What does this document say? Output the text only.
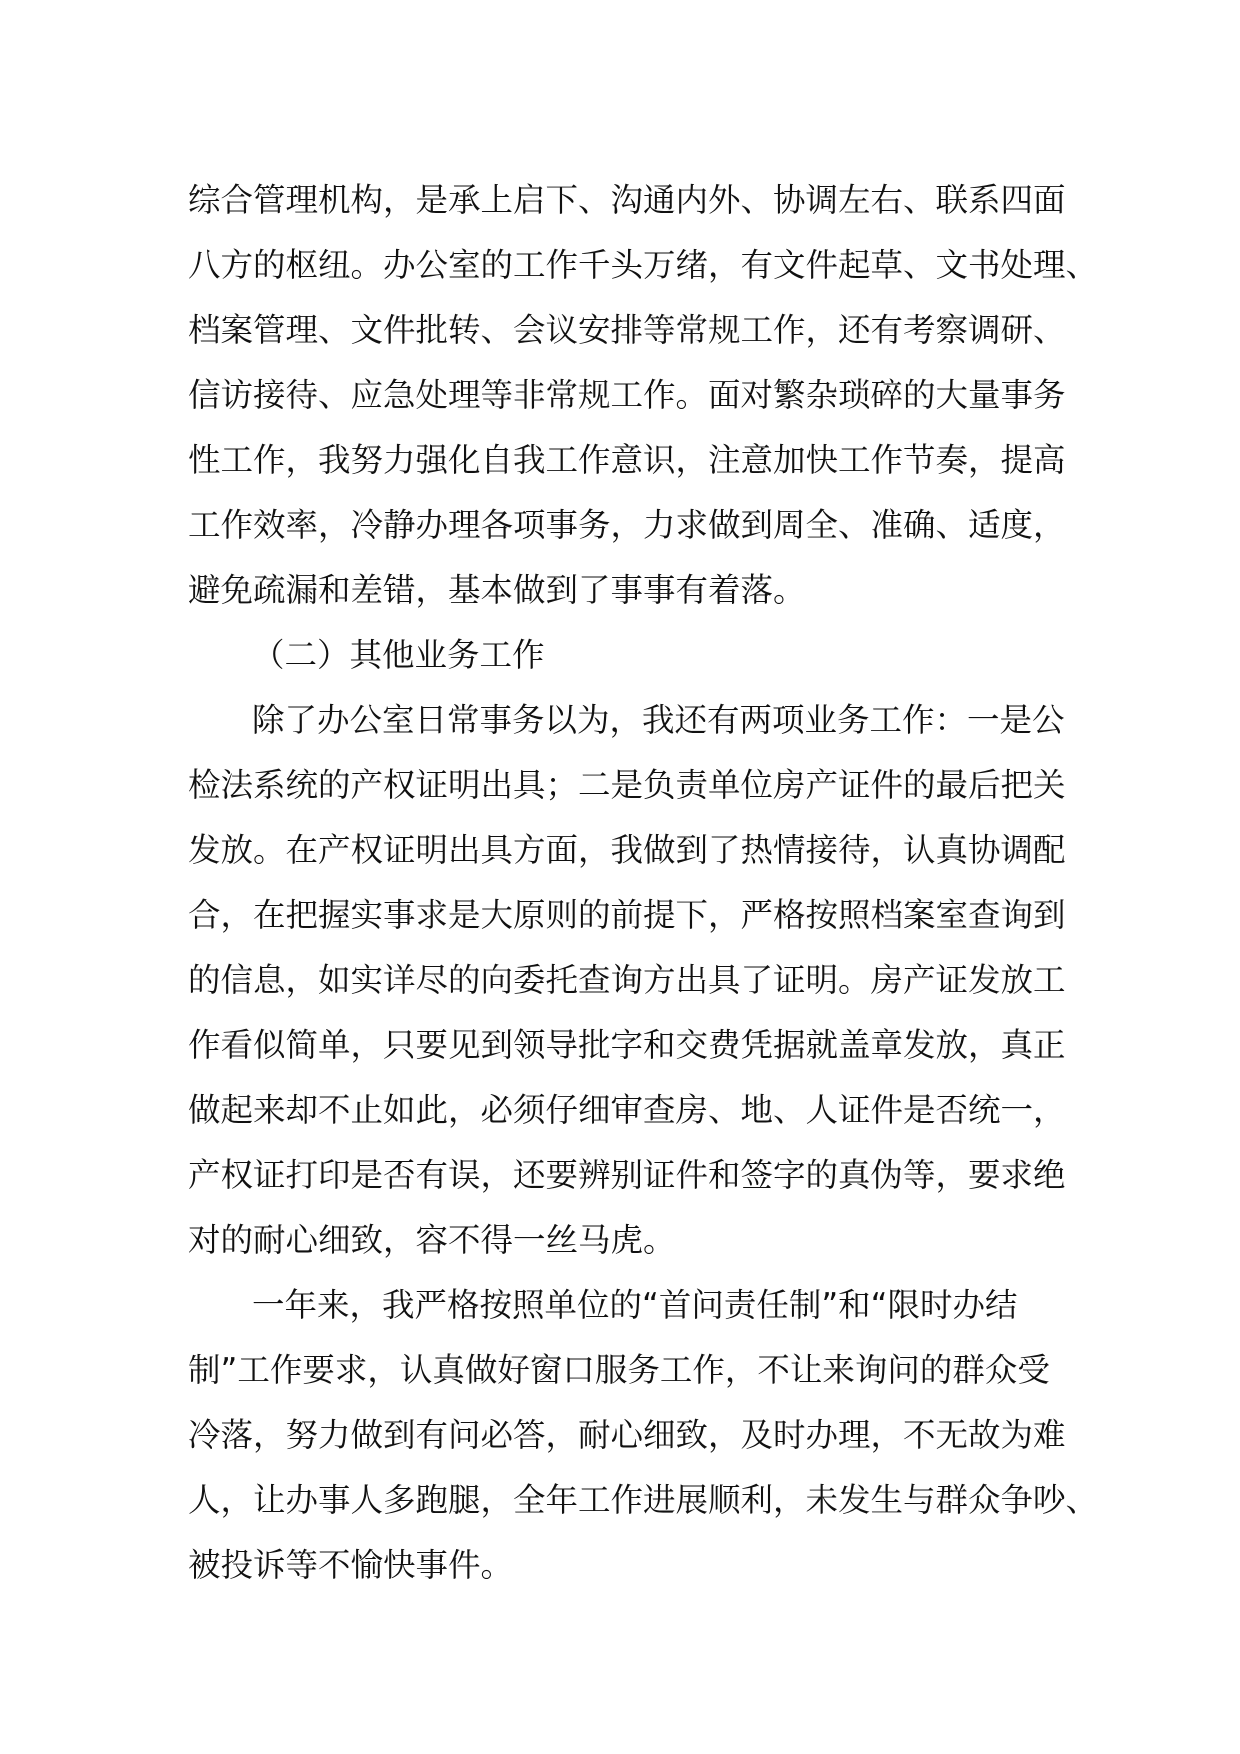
综合管理机构，是承上启下、沟通内外、协调左右、联系四面
八方的枢纽。办公室的工作千头万绪，有文件起草、文书处理、
档案管理、文件批转、会议安排等常规工作，还有考察调研、
信访接待、应急处理等非常规工作。面对繁杂琐碎的大量事务
性工作，我努力强化自我工作意识，注意加快工作节奏，提高
工作效率，冷静办理各项事务，力求做到周全、准确、适度，
避免疏漏和差错，基本做到了事事有着落。
（二）其他业务工作
除了办公室日常事务以为，我还有两项业务工作：一是公
检法系统的产权证明出具；二是负责单位房产证件的最后把关
发放。在产权证明出具方面，我做到了热情接待，认真协调配
合，在把握实事求是大原则的前提下，严格按照档案室查询到
的信息，如实详尽的向委托查询方出具了证明。房产证发放工
作看似简单，只要见到领导批字和交费凭据就盖章发放，真正
做起来却不止如此，必须仔细审查房、地、人证件是否统一，
产权证打印是否有误，还要辨别证件和签字的真伪等，要求绝
对的耐心细致，容不得一丝马虎。
一年来，我严格按照单位的“首问责任制”和“限时办结
制”工作要求，认真做好窗口服务工作，不让来询问的群众受
冷落，努力做到有问必答，耐心细致，及时办理，不无故为难
人，让办事人多跑腿，全年工作进展顺利，未发生与群众争吵、
被投诉等不愉快事件。
